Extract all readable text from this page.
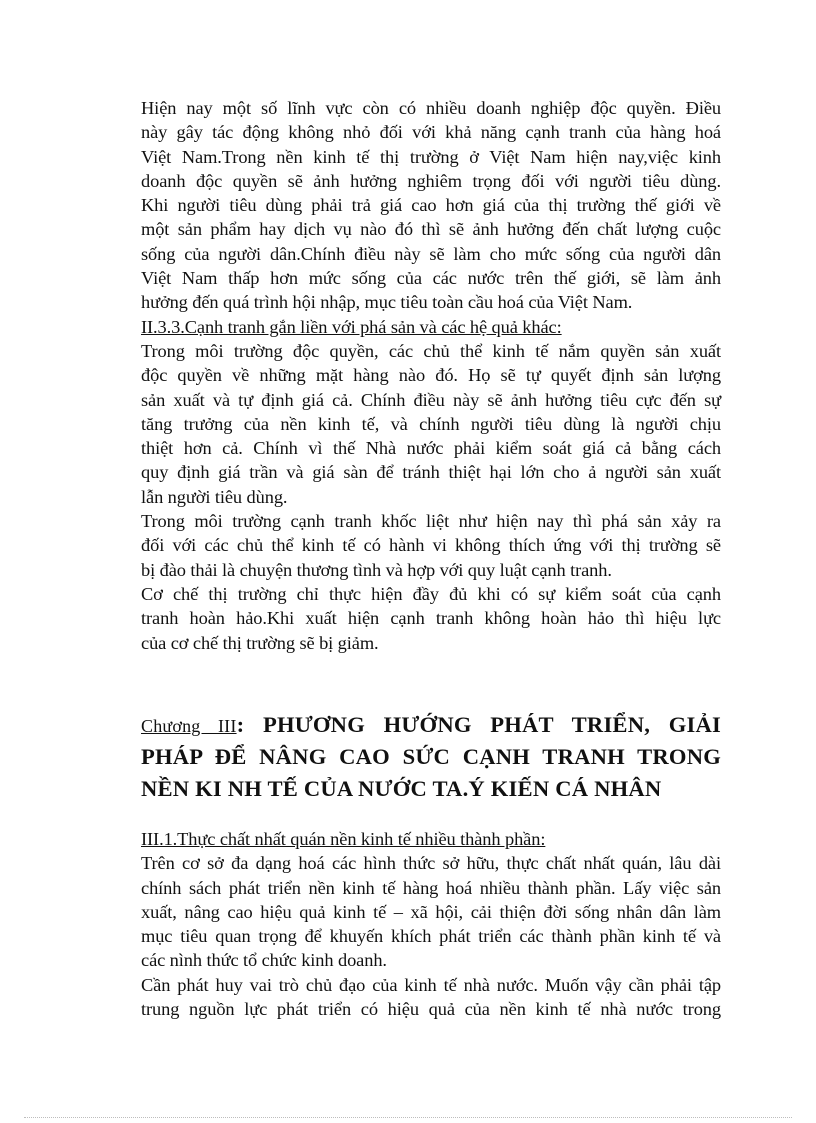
Hiện nay một số lĩnh vực còn có nhiều doanh nghiệp độc quyền. Điều
này gây tác động không nhỏ đối với khả năng cạnh tranh của hàng hoá
Việt Nam.Trong nền kinh tế thị trường ở Việt Nam hiện nay,việc kinh
doanh độc quyền sẽ ảnh hưởng nghiêm trọng đối với người tiêu dùng.
Khi người tiêu dùng phải trả giá cao hơn giá của thị trường thế giới về
một sản phẩm hay dịch vụ nào đó thì sẽ ảnh hưởng đến chất lượng cuộc
sống của người dân.Chính điều này sẽ làm cho mức sống của người dân
Việt Nam thấp hơn mức sống của các nước trên thế giới, sẽ làm ảnh
hưởng đến quá trình hội nhập, mục tiêu toàn cầu hoá của Việt Nam.
II.3.3.Cạnh tranh gắn liền với phá sản và các hệ quả khác:
Trong môi trường độc quyền, các chủ thể kinh tế nắm quyền sản xuất
độc quyền về những mặt hàng nào đó. Họ sẽ tự quyết định sản lượng
sản xuất và tự định giá cả. Chính điều này sẽ ảnh hưởng tiêu cực đến sự
tăng trưởng của nền kinh tế, và chính người tiêu dùng là người chịu
thiệt hơn cả. Chính vì thế Nhà nước phải kiểm soát giá cả bằng cách
quy định giá trần và giá sàn để tránh thiệt hại lớn cho ả người sản xuất
lẫn người tiêu dùng.
Trong môi trường cạnh tranh khốc liệt như hiện nay thì phá sản xảy ra
đối với các chủ thể kinh tế có hành vi không thích ứng với thị trường sẽ
bị đào thải là chuyện thương tình và hợp với quy luật cạnh tranh.
Cơ chế thị trường chỉ thực hiện đầy đủ khi có sự kiểm soát của cạnh
tranh hoàn hảo.Khi xuất hiện cạnh tranh không hoàn hảo thì hiệu lực
của cơ chế thị trường sẽ bị giảm.
Chương III: PHƯƠNG HƯỚNG PHÁT TRIỂN, GIẢI
PHÁP ĐỂ NÂNG CAO SỨC CẠNH TRANH TRONG
NỀN KI NH TẾ CỦA NƯỚC TA.Ý KIẾN CÁ NHÂN
III.1.Thực chất nhất quán nền kinh tế nhiều thành phần:
Trên cơ sở đa dạng hoá các hình thức sở hữu, thực chất nhất quán, lâu dài
chính sách phát triển nền kinh tế hàng hoá nhiều thành phần. Lấy việc sản
xuất, nâng cao hiệu quả kinh tế – xã hội, cải thiện đời sống nhân dân làm
mục tiêu quan trọng để khuyến khích phát triển các thành phần kinh tế và
các nình thức tổ chức kinh doanh.
Cần phát huy vai trò chủ đạo của kinh tế nhà nước. Muốn vậy cần phải tập
trung nguồn lực phát triển có hiệu quả của nền kinh tế nhà nước trong
